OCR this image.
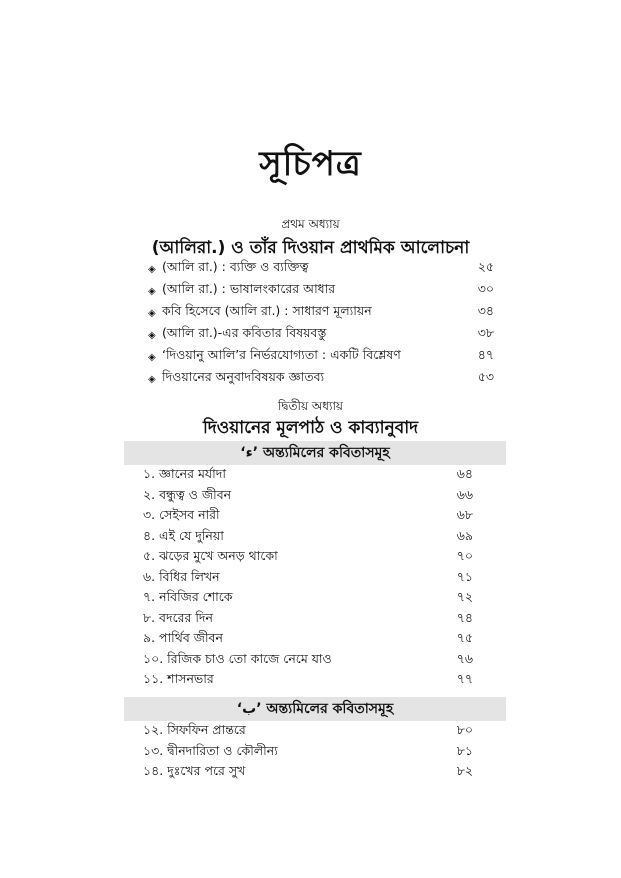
সূচিপত্র
প্রথম অধ্যায়
(আলিরা.) ও তাঁর দিওয়ান প্রাথমিক আলোচনা
◈ (আলি রা.) : ব্যক্তি ও ব্যক্তিত্ব	২৫
◈ (আলি রা.) : ভাষালংকারের আধার	৩০
◈ কবি হিসেবে (আলি রা.) : সাধারণ মূল্যায়ন	৩৪
◈ (আলি রা.)-এর কবিতার বিষয়বস্তু	৩৮
◈ ‘দিওয়ানু আলি’র নির্ভরযোগ্যতা : একটি বিশ্লেষণ	৪৭
◈ দিওয়ানের অনুবাদবিষয়ক জ্ঞাতব্য	৫৩
দ্বিতীয় অধ্যায়
দিওয়ানের মূলপাঠ ও কাব্যানুবাদ
‘ء’ অন্ত্যমিলের কবিতাসমূহ
১. জ্ঞানের মর্যাদা	৬৪
২. বন্ধুত্ব ও জীবন	৬৬
৩. সেইসব নারী	৬৮
৪. এই যে দুনিয়া	৬৯
৫. ঝড়ের মুখে অনড় থাকো	৭০
৬. বিধির লিখন	৭১
৭. নবিজির শোকে	৭২
৮. বদরের দিন	৭৪
৯. পার্থিব জীবন	৭৫
১০. রিজিক চাও তো কাজে নেমে যাও	৭৬
১১. শাসনভার	৭৭
‘ب’ অন্ত্যমিলের কবিতাসমূহ
১২. সিফফিন প্রান্তরে	৮০
১৩. দ্বীনদারিতা ও কৌলীন্য	৮১
১৪. দুঃখের পরে সুখ	৮২
